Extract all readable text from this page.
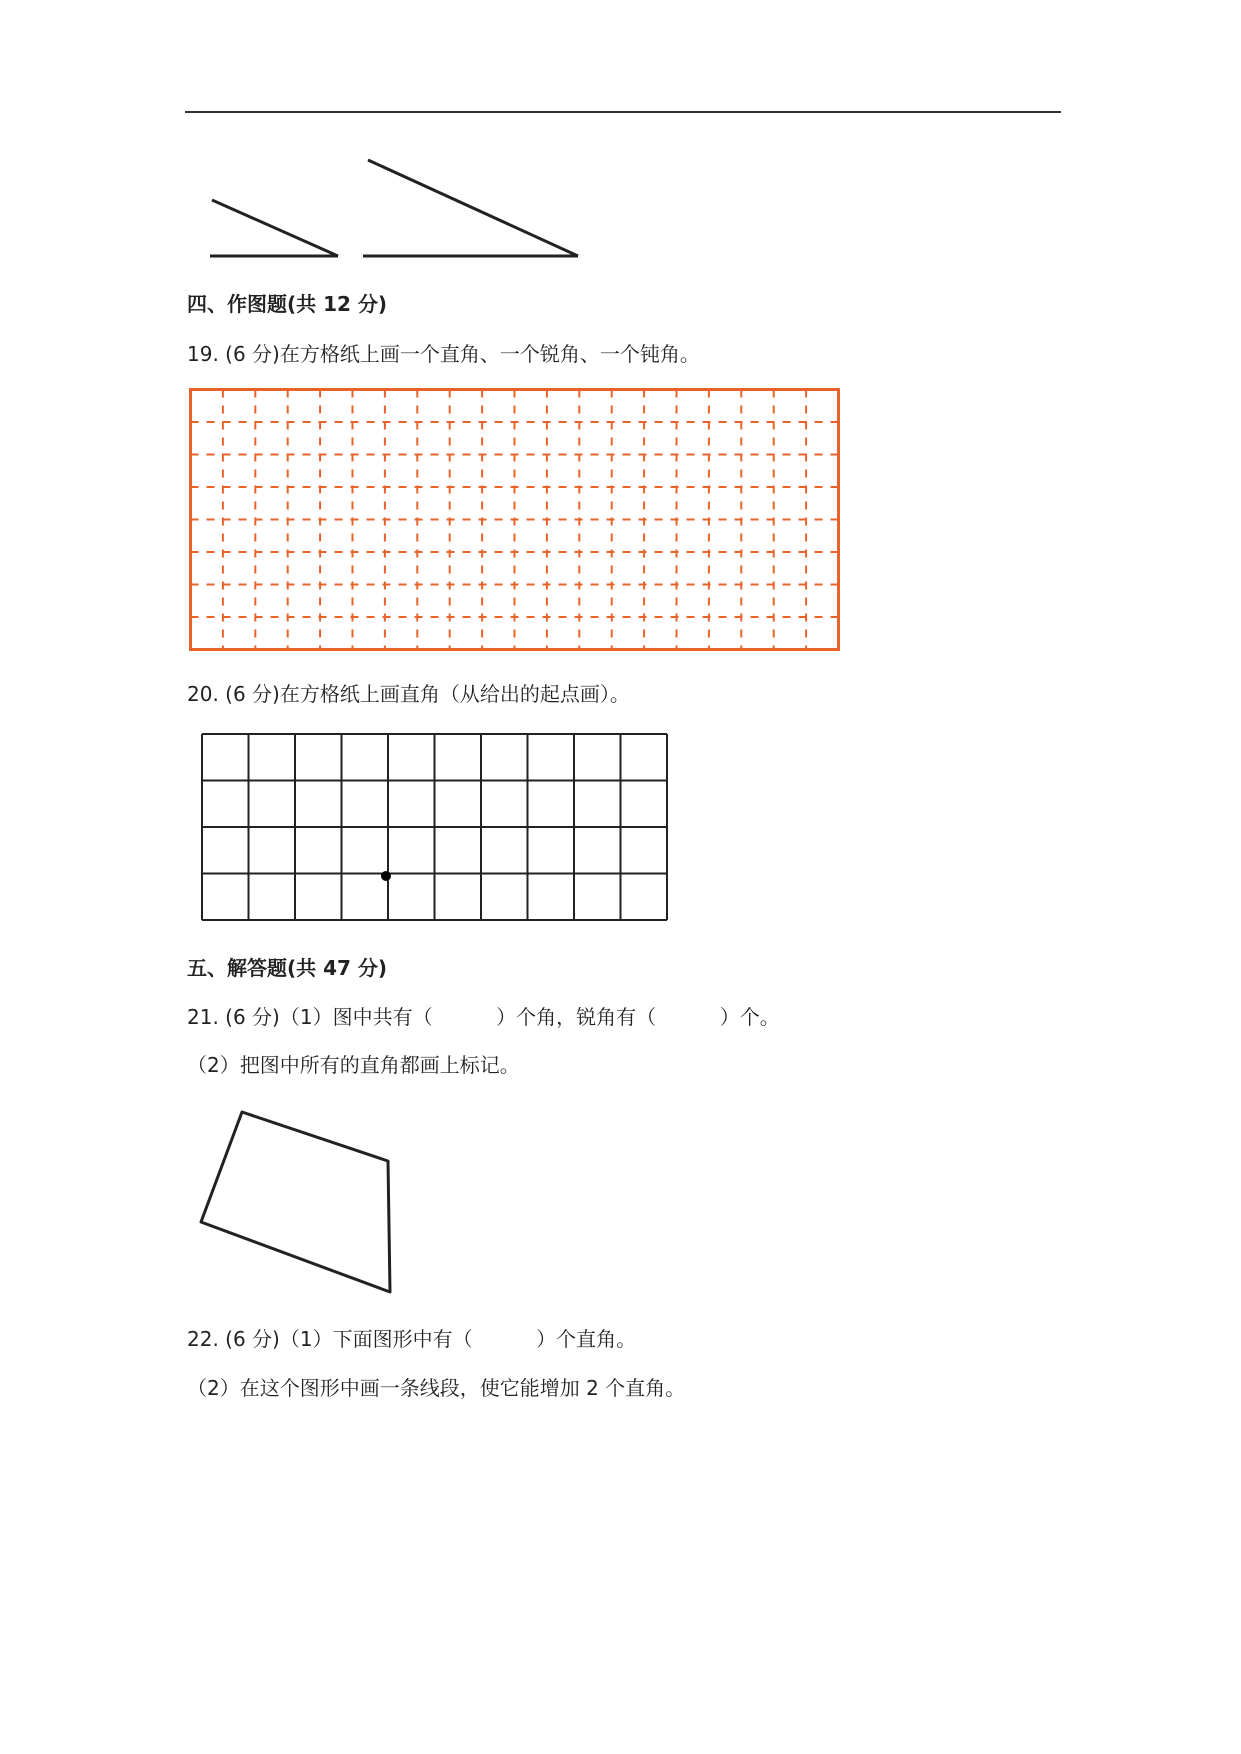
四、作图题(共 12 分)
19. (6 分)在方格纸上画一个直角、一个锐角、一个钝角。
20. (6 分)在方格纸上画直角（从给出的起点画）。
五、解答题(共 47 分)
21. (6 分)（1）图中共有（          ）个角，锐角有（          ）个。
（2）把图中所有的直角都画上标记。
22. (6 分)（1）下面图形中有（          ）个直角。
（2）在这个图形中画一条线段，使它能增加 2 个直角。
